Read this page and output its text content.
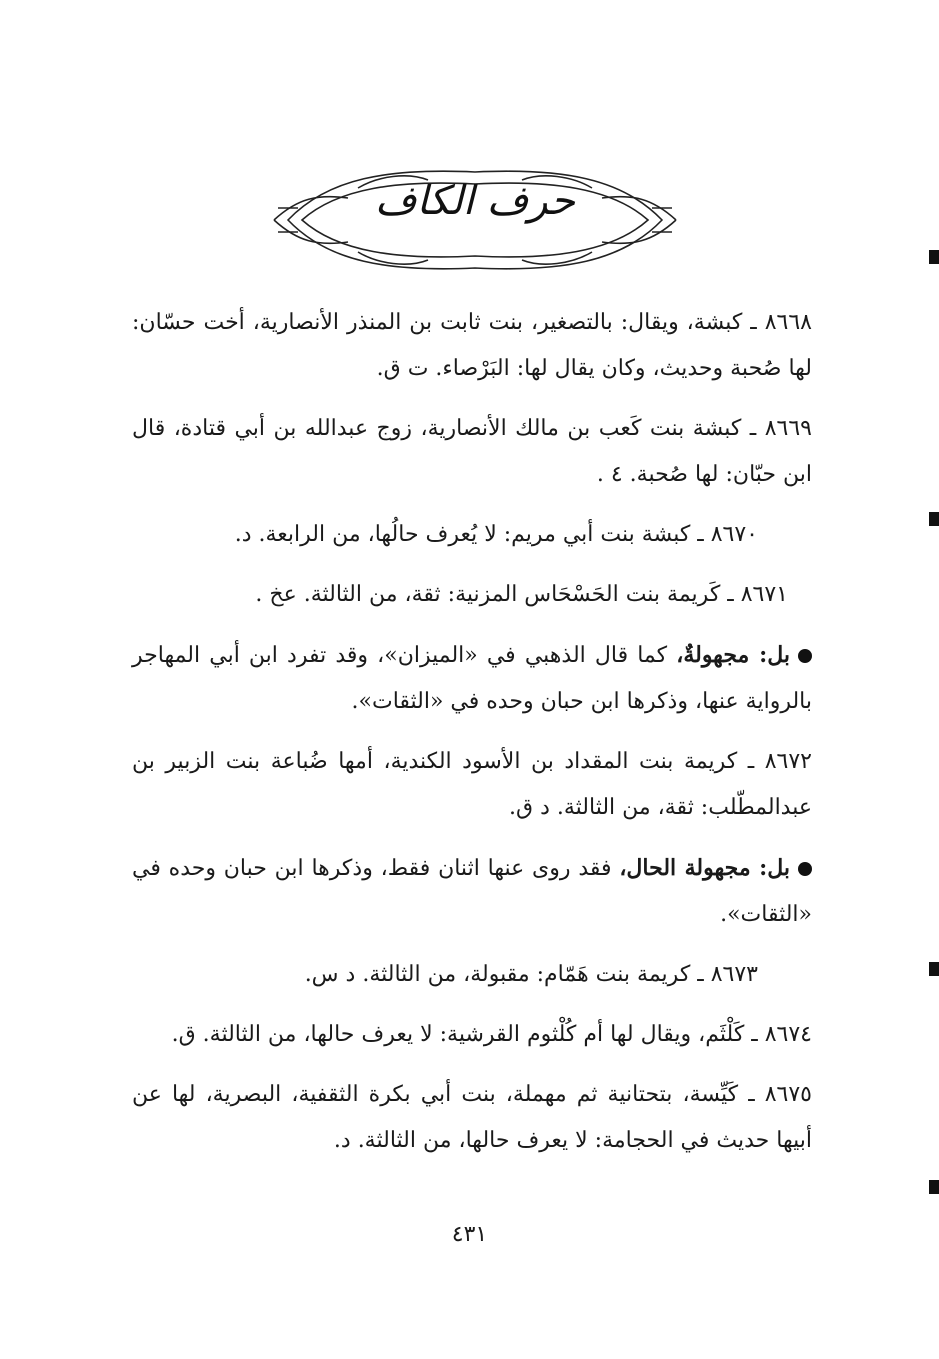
حرف الكاف

٨٦٦٨ ـ كبشة، ويقال: بالتصغير، بنت ثابت بن المنذر الأنصارية، أخت حسّان: لها صُحبة وحديث، وكان يقال لها: البَرْصاء. ت ق.

٨٦٦٩ ـ كبشة بنت كَعب بن مالك الأنصارية، زوج عبدالله بن أبي قتادة، قال ابن حبّان: لها صُحبة. ٤ .

٨٦٧٠ ـ كبشة بنت أبي مريم: لا يُعرف حالُها، من الرابعة. د.

٨٦٧١ ـ كَريمة بنت الحَسْحَاس المزنية: ثقة، من الثالثة. عخ .

بل: مجهولةٌ، كما قال الذهبي في «الميزان»، وقد تفرد ابن أبي المهاجر بالرواية عنها، وذكرها ابن حبان وحده في «الثقات».

٨٦٧٢ ـ كريمة بنت المقداد بن الأسود الكندية، أمها ضُباعة بنت الزبير بن عبدالمطّلب: ثقة، من الثالثة. د ق.

بل: مجهولة الحال، فقد روى عنها اثنان فقط، وذكرها ابن حبان وحده في «الثقات».

٨٦٧٣ ـ كريمة بنت هَمّام: مقبولة، من الثالثة. د س.

٨٦٧٤ ـ كَلْثَم، ويقال لها أم كُلْثوم القرشية: لا يعرف حالها، من الثالثة. ق.

٨٦٧٥ ـ كَيِّسة، بتحتانية ثم مهملة، بنت أبي بكرة الثقفية، البصرية، لها عن أبيها حديث في الحجامة: لا يعرف حالها، من الثالثة. د.

٤٣١
